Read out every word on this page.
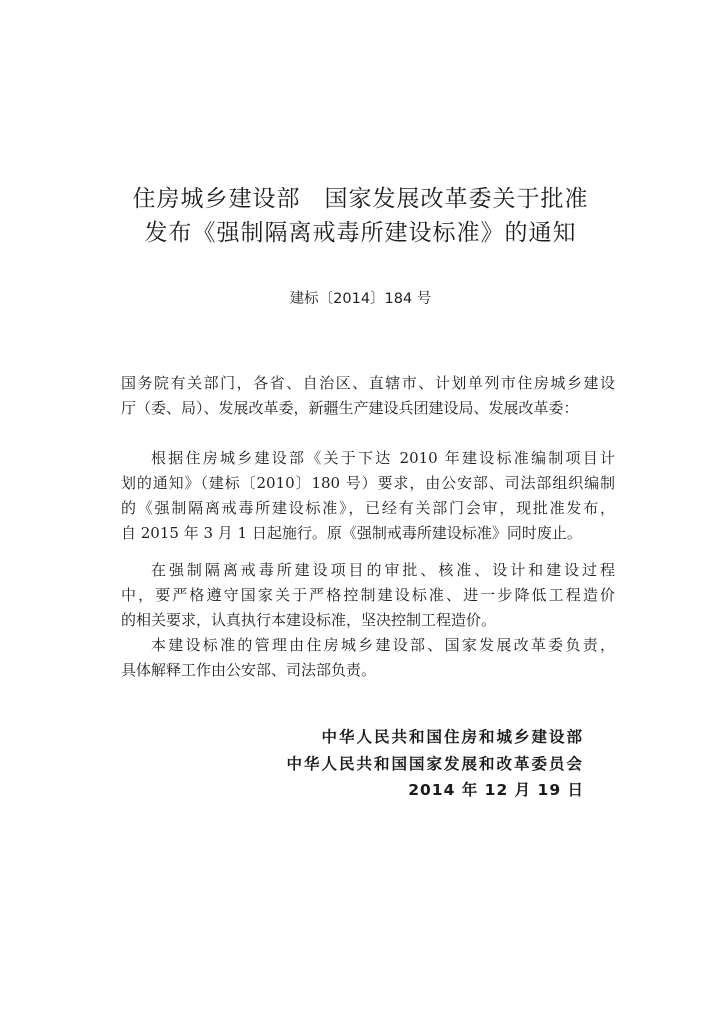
住房城乡建设部　国家发展改革委关于批准
发布《强制隔离戒毒所建设标准》的通知
建标〔2014〕184 号
国务院有关部门，各省、自治区、直辖市、计划单列市住房城乡建设
厅（委、局）、发展改革委，新疆生产建设兵团建设局、发展改革委：
根据住房城乡建设部《关于下达 2010 年建设标准编制项目计
划的通知》（建标〔2010〕180 号）要求，由公安部、司法部组织编制
的《强制隔离戒毒所建设标准》，已经有关部门会审，现批准发布，
自 2015 年 3 月 1 日起施行。原《强制戒毒所建设标准》同时废止。
在强制隔离戒毒所建设项目的审批、核准、设计和建设过程
中，要严格遵守国家关于严格控制建设标准、进一步降低工程造价
的相关要求，认真执行本建设标准，坚决控制工程造价。
本建设标准的管理由住房城乡建设部、国家发展改革委负责，
具体解释工作由公安部、司法部负责。
中华人民共和国住房和城乡建设部
中华人民共和国国家发展和改革委员会
2014 年 12 月 19 日
